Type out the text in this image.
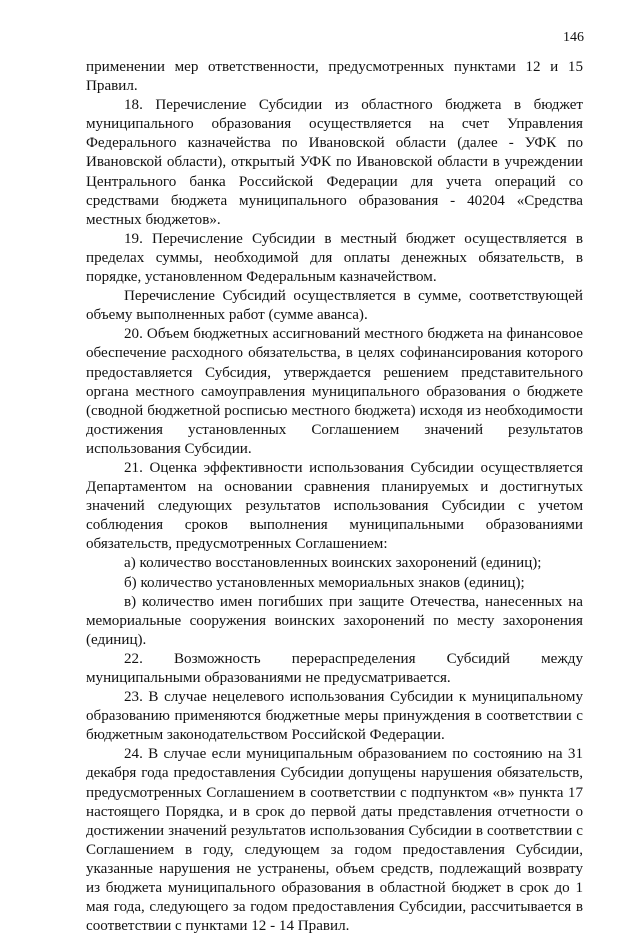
146

применении мер ответственности, предусмотренных пунктами 12 и 15 Правил.

18. Перечисление Субсидии из областного бюджета в бюджет муниципального образования осуществляется на счет Управления Федерального казначейства по Ивановской области (далее - УФК по Ивановской области), открытый УФК по Ивановской области в учреждении Центрального банка Российской Федерации для учета операций со средствами бюджета муниципального образования - 40204 «Средства местных бюджетов».

19. Перечисление Субсидии в местный бюджет осуществляется в пределах суммы, необходимой для оплаты денежных обязательств, в порядке, установленном Федеральным казначейством.

Перечисление Субсидий осуществляется в сумме, соответствующей объему выполненных работ (сумме аванса).

20. Объем бюджетных ассигнований местного бюджета на финансовое обеспечение расходного обязательства, в целях софинансирования которого предоставляется Субсидия, утверждается решением представительного органа местного самоуправления муниципального образования о бюджете (сводной бюджетной росписью местного бюджета) исходя из необходимости достижения установленных Соглашением значений результатов использования Субсидии.

21. Оценка эффективности использования Субсидии осуществляется Департаментом на основании сравнения планируемых и достигнутых значений следующих результатов использования Субсидии с учетом соблюдения сроков выполнения муниципальными образованиями обязательств, предусмотренных Соглашением:

а) количество восстановленных воинских захоронений (единиц);

б) количество установленных мемориальных знаков (единиц);

в) количество имен погибших при защите Отечества, нанесенных на мемориальные сооружения воинских захоронений по месту захоронения (единиц).

22. Возможность перераспределения Субсидий между муниципальными образованиями не предусматривается.

23. В случае нецелевого использования Субсидии к муниципальному образованию применяются бюджетные меры принуждения в соответствии с бюджетным законодательством Российской Федерации.

24. В случае если муниципальным образованием по состоянию на 31 декабря года предоставления Субсидии допущены нарушения обязательств, предусмотренных Соглашением в соответствии с подпунктом «в» пункта 17 настоящего Порядка, и в срок до первой даты представления отчетности о достижении значений результатов использования Субсидии в соответствии с Соглашением в году, следующем за годом предоставления Субсидии, указанные нарушения не устранены, объем средств, подлежащий возврату из бюджета муниципального образования в областной бюджет в срок до 1 мая года, следующего за годом предоставления Субсидии, рассчитывается в соответствии с пунктами 12 - 14 Правил.
